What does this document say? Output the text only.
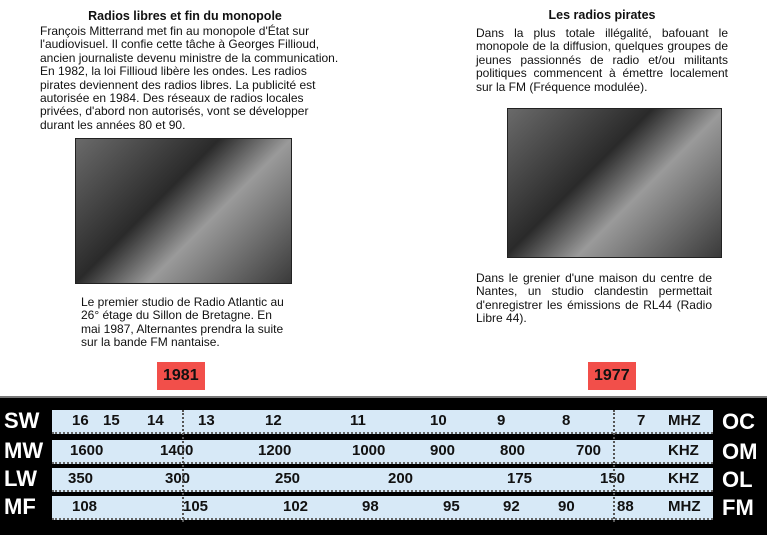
Radios libres et fin du monopole
François Mitterrand met fin au monopole d'État sur l'audiovisuel. Il confie cette tâche à Georges Fillioud, ancien journaliste devenu ministre de la communication. En 1982, la loi Fillioud libère les ondes. Les radios pirates deviennent des radios libres. La publicité est autorisée en 1984. Des réseaux de radios locales privées, d'abord non autorisés, vont se développer durant les années 80 et 90.
Le premier studio de Radio Atlantic au 26° étage du Sillon de Bretagne. En mai 1987, Alternantes prendra la suite sur la bande FM nantaise.
1981
Les radios pirates
Dans la plus totale illégalité, bafouant le monopole de la diffusion, quelques groupes de jeunes passionnés de radio et/ou militants politiques commencent à émettre localement sur la FM (Fréquence modulée).
Dans le grenier d'une maison du centre de Nantes, un studio clandestin permettait d'enregistrer les émissions de RL44 (Radio Libre 44).
1977
SW 16 15 14 13	12	11	10	9	8	7 MHZ OC
MW 1600	1400	1200	1000	900	800	700	KHZ OM
LW 350	300	250	200	175	150	KHZ OL
MF 108	105	102	98	95	92	90	88 MHZ FM
